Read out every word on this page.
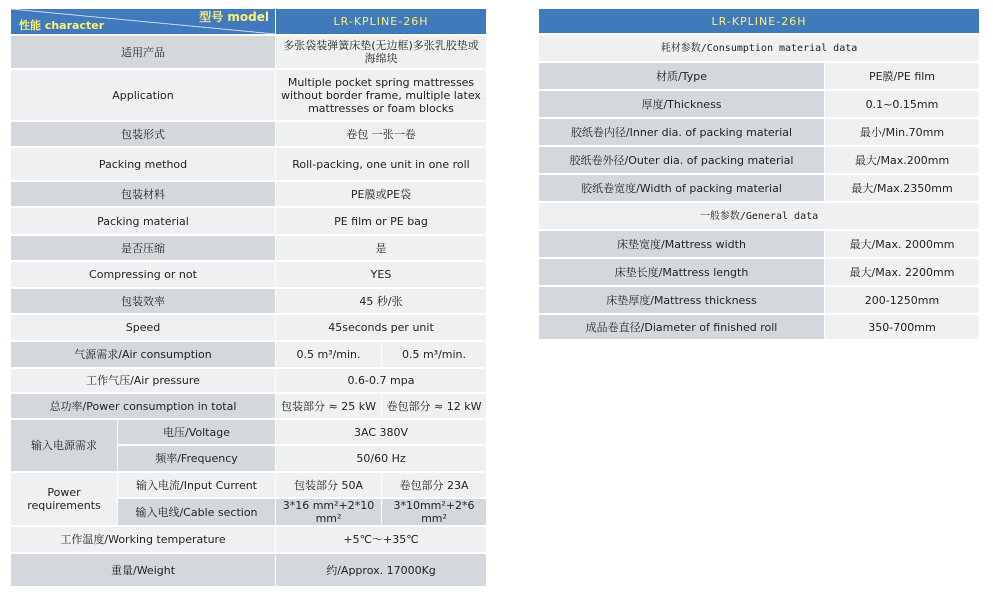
型号 model
性能 character		LR-KPLINE-26H	
适用产品		多张袋装弹簧床垫(无边框)多张乳胶垫或海绵块	
Application		Multiple pocket spring mattresses without border frame, multiple latex mattresses or foam blocks	
包装形式		卷包 一张一卷	
Packing method		Roll-packing, one unit in one roll	
包装材料		PE膜或PE袋	
Packing material		PE film or PE bag	
是否压缩		是	
Compressing or not		YES	
包装效率		45 秒/张	
Speed		45seconds per unit	
气源需求/Air consumption		0.5 m³/min.	0.5 m³/min.
工作气压/Air pressure		0.6-0.7 mpa	
总功率/Power consumption in total		包装部分 ≈ 25 kW	卷包部分 ≈ 12 kW
输入电源需求	电压/Voltage	3AC 380V	
	频率/Frequency	50/60 Hz	
Power requirements	输入电流/Input Current	包装部分 50A	卷包部分 23A
	输入电线/Cable section	3*16 mm²+2*10 mm²	3*10mm²+2*6 mm²
工作温度/Working temperature		+5℃～+35℃	
重量/Weight		约/Approx. 17000Kg	
LR-KPLINE-26H	
耗材参数/Consumption material data	
材质/Type	PE膜/PE film
厚度/Thickness	0.1~0.15mm
胶纸卷内径/Inner dia. of packing material	最小/Min.70mm
胶纸卷外径/Outer dia. of packing material	最大/Max.200mm
胶纸卷宽度/Width of packing material	最大/Max.2350mm
一般参数/General data	
床垫宽度/Mattress width	最大/Max. 2000mm
床垫长度/Mattress length	最大/Max. 2200mm
床垫厚度/Mattress thickness	200-1250mm
成品卷直径/Diameter of finished roll	350-700mm
